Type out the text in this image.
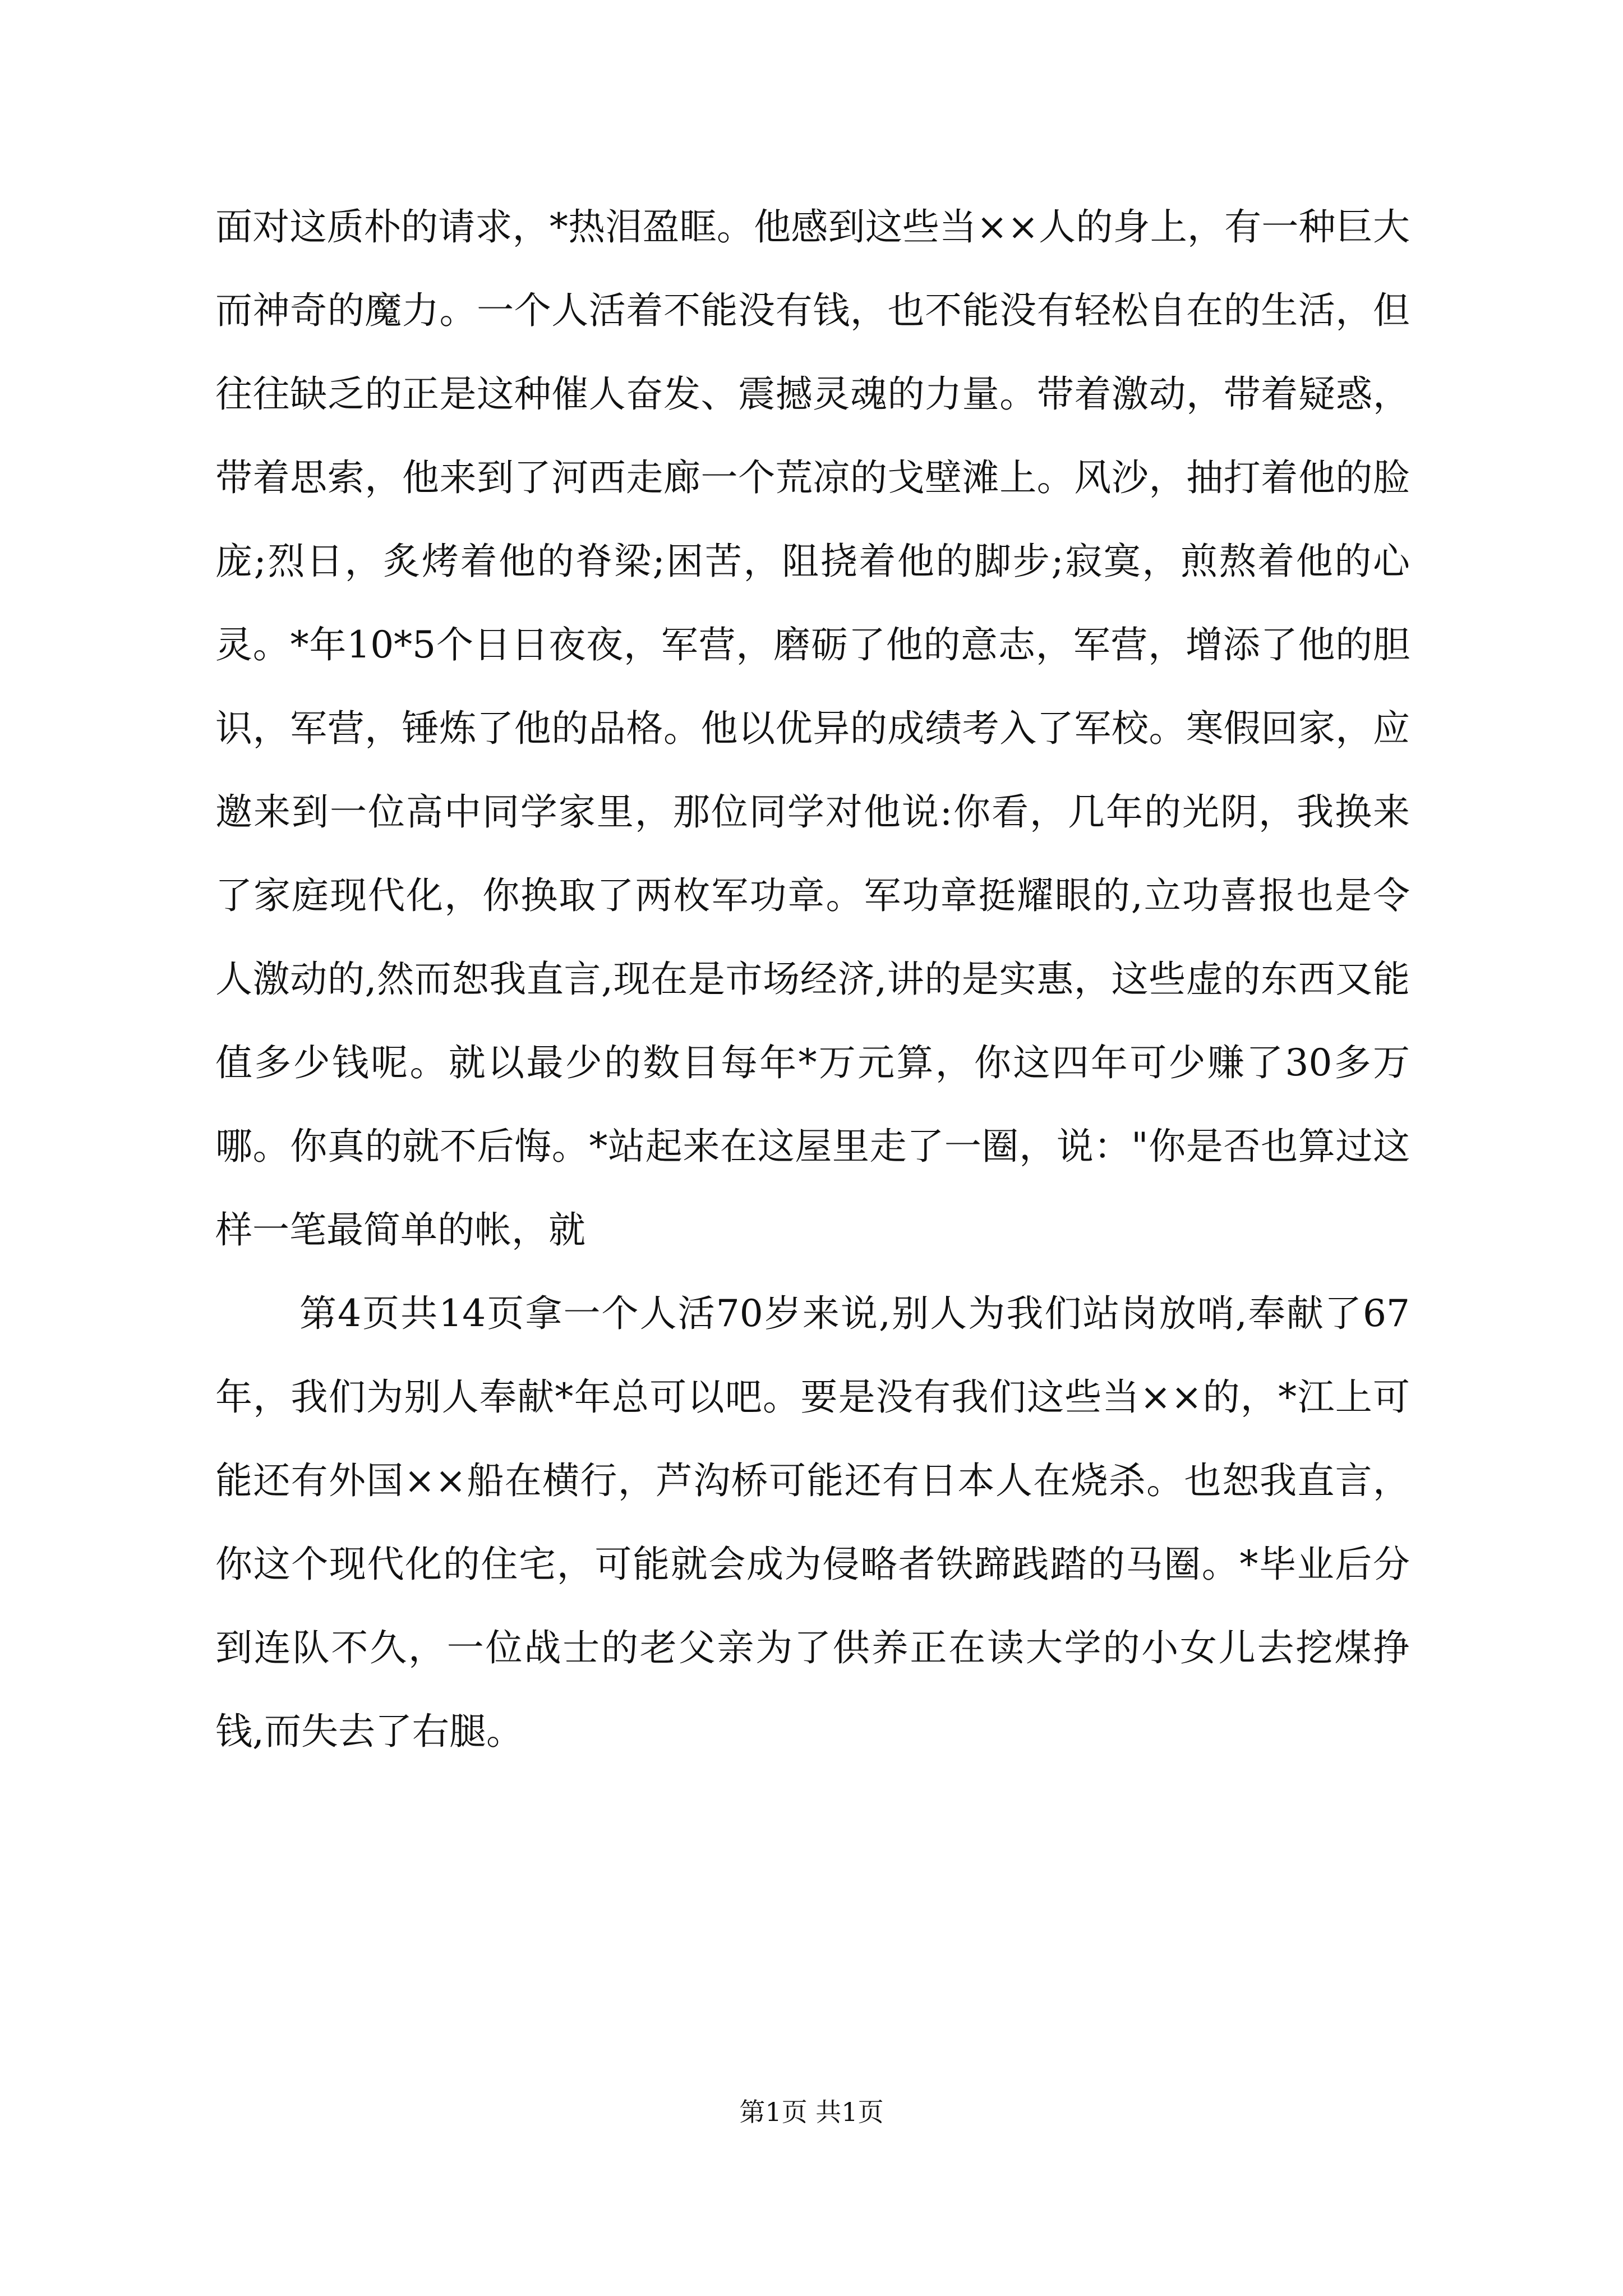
面对这质朴的请求，*热泪盈眶。他感到这些当××人的身上，有一种巨大而神奇的魔力。一个人活着不能没有钱，也不能没有轻松自在的生活，但往往缺乏的正是这种催人奋发、震撼灵魂的力量。带着激动，带着疑惑，带着思索，他来到了河西走廊一个荒凉的戈壁滩上。风沙，抽打着他的脸庞;烈日，炙烤着他的脊梁;困苦，阻挠着他的脚步;寂寞，煎熬着他的心灵。*年10*5个日日夜夜，军营，磨砺了他的意志，军营，增添了他的胆识，军营，锤炼了他的品格。他以优异的成绩考入了军校。寒假回家，应邀来到一位高中同学家里，那位同学对他说:你看，几年的光阴，我换来了家庭现代化，你换取了两枚军功章。军功章挺耀眼的,立功喜报也是令人激动的,然而恕我直言,现在是市场经济,讲的是实惠，这些虚的东西又能值多少钱呢。就以最少的数目每年*万元算，你这四年可少赚了30多万哪。你真的就不后悔。*站起来在这屋里走了一圈，说："你是否也算过这样一笔最简单的帐，就

第4页共14页拿一个人活70岁来说,别人为我们站岗放哨,奉献了67年，我们为别人奉献*年总可以吧。要是没有我们这些当××的，*江上可能还有外国××船在横行，芦沟桥可能还有日本人在烧杀。也恕我直言，你这个现代化的住宅，可能就会成为侵略者铁蹄践踏的马圈。*毕业后分到连队不久，一位战士的老父亲为了供养正在读大学的小女儿去挖煤挣钱,而失去了右腿。

第1页 共1页
